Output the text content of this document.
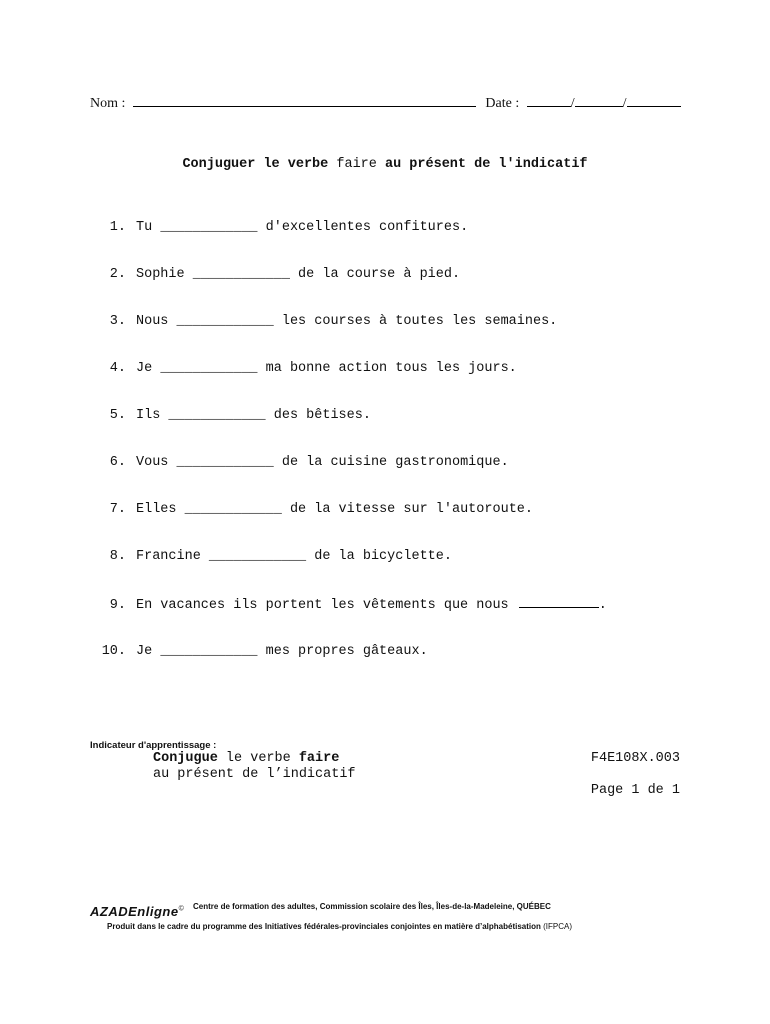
Nom :	Date :	/	/
Conjuguer le verbe faire au présent de l'indicatif
1. Tu ____________ d'excellentes confitures.
2. Sophie ____________ de la course à pied.
3. Nous ____________ les courses à toutes les semaines.
4. Je ____________ ma bonne action tous les jours.
5. Ils ____________ des bêtises.
6. Vous ____________ de la cuisine gastronomique.
7. Elles ____________ de la vitesse sur l'autoroute.
8. Francine ____________ de la bicyclette.
9. En vacances ils portent les vêtements que nous	.
10. Je ____________ mes propres gâteaux.
Indicateur d'apprentissage :
Conjugue le verbe faire
au présent de l’indicatif
F4E108X.003
Page 1 de 1
AZADEnligne© Centre de formation des adultes, Commission scolaire des Îles, Îles-de-la-Madeleine, QUÉBEC
Produit dans le cadre du programme des Initiatives fédérales-provinciales conjointes en matière d’alphabétisation (IFPCA)
